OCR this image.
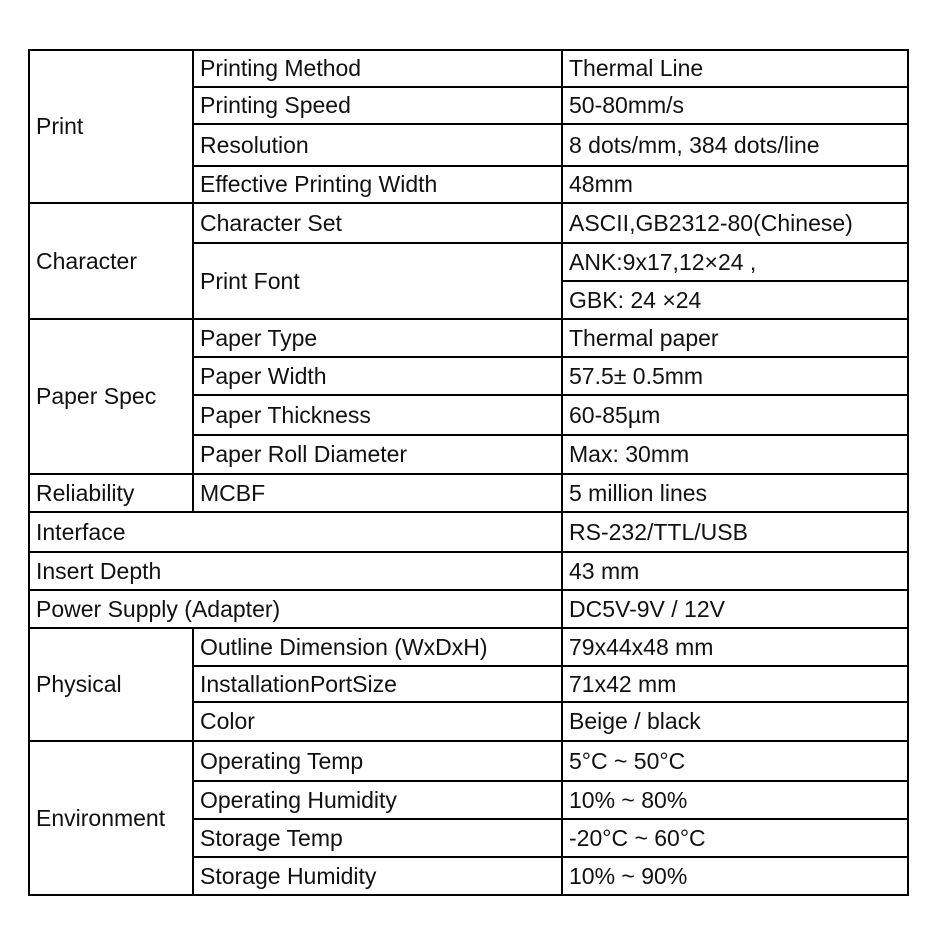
Print	Printing Method	Thermal Line
	Printing Speed	50-80mm/s
	Resolution	8 dots/mm, 384 dots/line
	Effective Printing Width	48mm
Character	Character Set	ASCII,GB2312-80(Chinese)
	Print Font	ANK:9x17,12×24 ,
		GBK: 24 ×24
Paper Spec	Paper Type	Thermal paper
	Paper Width	57.5± 0.5mm
	Paper Thickness	60-85µm
	Paper Roll Diameter	Max: 30mm
Reliability	MCBF	5 million lines
Interface		RS-232/TTL/USB
Insert Depth		43 mm
Power Supply (Adapter)		DC5V-9V / 12V
Physical	Outline Dimension (WxDxH)	79x44x48 mm
	InstallationPortSize	71x42 mm
	Color	Beige / black
Environment	Operating Temp	5°C ~ 50°C
	Operating Humidity	10% ~ 80%
	Storage Temp	-20°C ~ 60°C
	Storage Humidity	10% ~ 90%
